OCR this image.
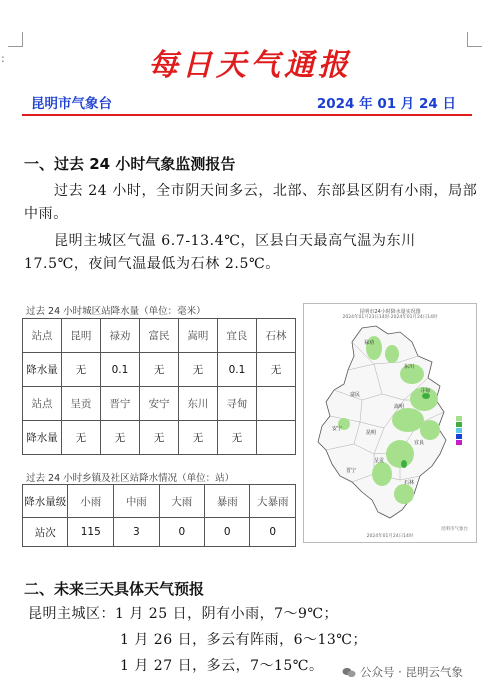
:	每日天气通报
昆明市气象台	2024 年 01 月 24 日
一、过去 24 小时气象监测报告
过去 24 小时，全市阴天间多云，北部、东部县区阴有小雨，局部中雨。
昆明主城区气温 6.7-13.4℃，区县白天最高气温为东川 17.5℃，夜间气温最低为石林 2.5℃。
过去 24 小时城区站降水量（单位：毫米）
站点	昆明	禄劝	富民	嵩明	宜良	石林
降水量	无	0.1	无	无	0.1	无
站点	呈贡	晋宁	安宁	东川	寻甸	
降水量	无	无	无	无	无	
过去 24 小时乡镇及社区站降水情况（单位：站）
降水量级	小雨	中雨	大雨	暴雨	大暴雨
站次	115	3	0	0	0
昆明市24小时降水量实况图
2024年01月23日14时-2024年01月24日14时
禄劝
东川
寻甸
富民
嵩明
安宁
昆明
呈贡
晋宁
宜良
石林
昆明市气象台
2024年01月24日14时
二、未来三天具体天气预报
昆明主城区：1 月 25 日，阴有小雨，7～9℃；
1 月 26 日，多云有阵雨，6～13℃；
1 月 27 日，多云，7～15℃。	公众号 · 昆明云气象
